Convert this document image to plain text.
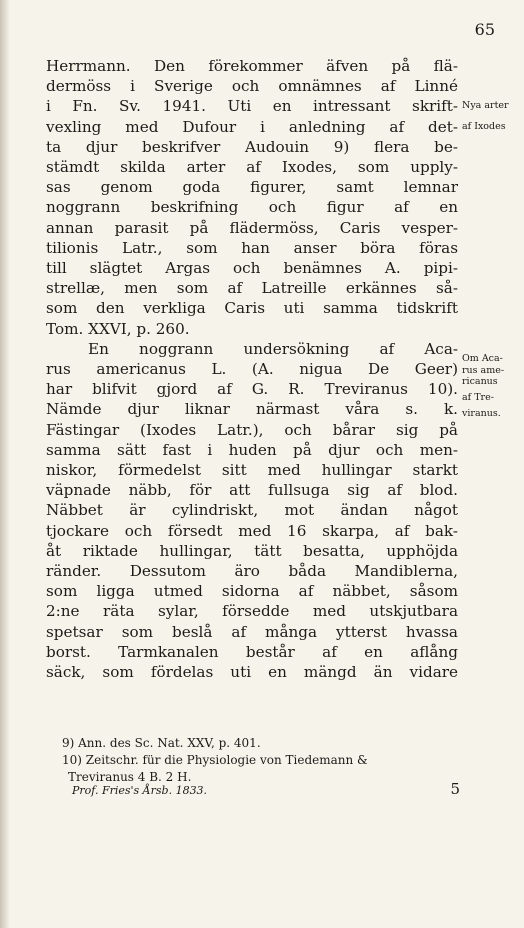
65
Herrmann. Den förekommer äfven på flä-
dermöss i Sverige och omnämnes af Linné
i Fn. Sv. 1941. Uti en intressant skrift-
vexling med Dufour i anledning af det-
ta djur beskrifver Audouin 9) flera be-
stämdt skilda arter af Ixodes, som upply-
sas genom goda figurer, samt lemnar
noggrann beskrifning och figur af en
annan parasit på flädermöss, Caris vesper-
tilionis Latr., som han anser böra föras
till slägtet Argas och benämnes A. pipi-
strellæ, men som af Latreille erkännes så-
som den verkliga Caris uti samma tidskrift
Tom. XXVI, p. 260.
En noggrann undersökning af Aca-
rus americanus L. (A. nigua De Geer)
har blifvit gjord af G. R. Treviranus 10).
Nämde djur liknar närmast våra s. k.
Fästingar (Ixodes Latr.), och bårar sig på
samma sätt fast i huden på djur och men-
niskor, förmedelst sitt med hullingar starkt
väpnade näbb, för att fullsuga sig af blod.
Näbbet är cylindriskt, mot ändan något
tjockare och försedt med 16 skarpa, af bak-
åt riktade hullingar, tätt besatta, upphöjda
ränder. Dessutom äro båda Mandiblerna,
som ligga utmed sidorna af näbbet, såsom
2:ne räta sylar, försedde med utskjutbara
spetsar som beslå af många ytterst hvassa
borst. Tarmkanalen består af en aflång
säck, som fördelas uti en mängd än vidare
Nya arter
af Ixodes
Om Aca-
rus ame-
ricanus
af Tre-
viranus.
9) Ann. des Sc. Nat. XXV, p. 401.
10) Zeitschr. für die Physiologie von Tiedemann &
Treviranus 4 B. 2 H.
Prof. Fries's Årsb. 1833.	5
